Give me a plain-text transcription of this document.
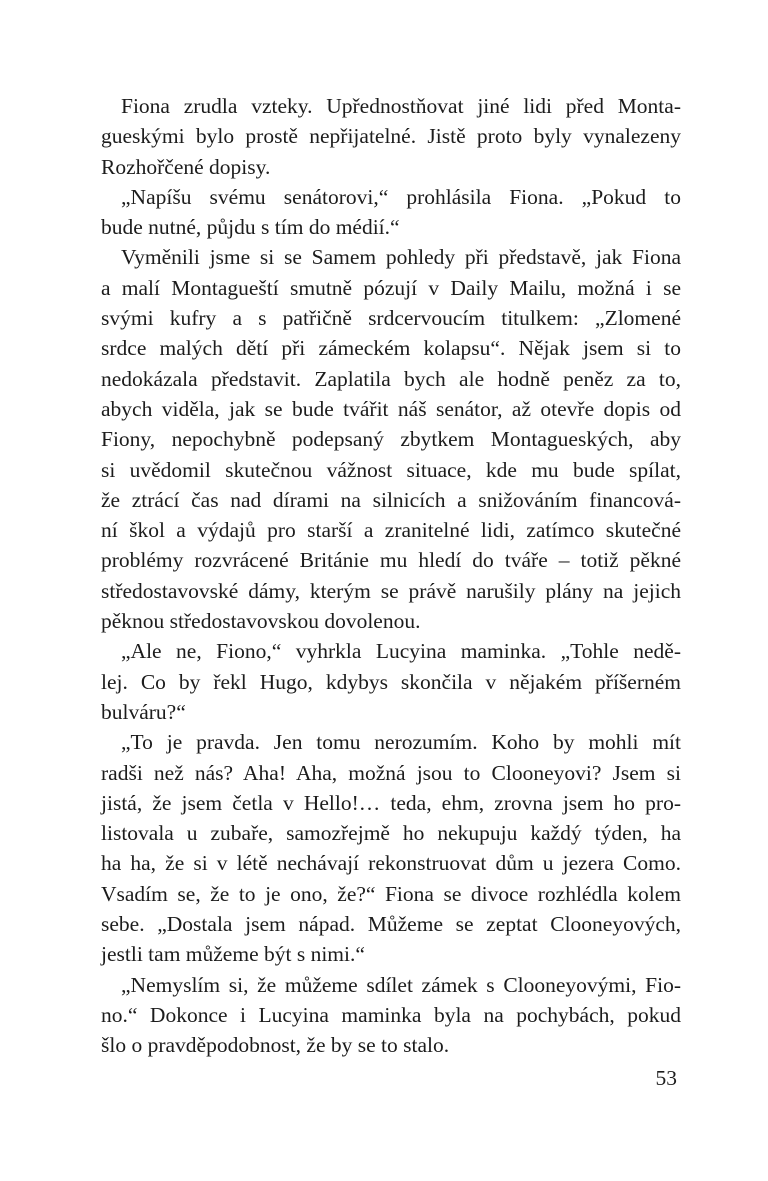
Fiona zrudla vzteky. Upřednostňovat jiné lidi před Monta-
gueskými bylo prostě nepřijatelné. Jistě proto byly vynalezeny
Rozhořčené dopisy.
„Napíšu svému senátorovi,“ prohlásila Fiona. „Pokud to
bude nutné, půjdu s tím do médií.“
Vyměnili jsme si se Samem pohledy při představě, jak Fiona
a malí Montagueští smutně pózují v Daily Mailu, možná i se
svými kufry a s patřičně srdcervoucím titulkem: „Zlomené
srdce malých dětí při zámeckém kolapsu“. Nějak jsem si to
nedokázala představit. Zaplatila bych ale hodně peněz za to,
abych viděla, jak se bude tvářit náš senátor, až otevře dopis od
Fiony, nepochybně podepsaný zbytkem Montagueských, aby
si uvědomil skutečnou vážnost situace, kde mu bude spílat,
že ztrácí čas nad dírami na silnicích a snižováním financová-
ní škol a výdajů pro starší a zranitelné lidi, zatímco skutečné
problémy rozvrácené Británie mu hledí do tváře – totiž pěkné
středostavovské dámy, kterým se právě narušily plány na jejich
pěknou středostavovskou dovolenou.
„Ale ne, Fiono,“ vyhrkla Lucyina maminka. „Tohle nedě-
lej. Co by řekl Hugo, kdybys skončila v nějakém příšerném
bulváru?“
„To je pravda. Jen tomu nerozumím. Koho by mohli mít
radši než nás? Aha! Aha, možná jsou to Clooneyovi? Jsem si
jistá, že jsem četla v Hello!… teda, ehm, zrovna jsem ho pro-
listovala u zubaře, samozřejmě ho nekupuju každý týden, ha
ha ha, že si v létě nechávají rekonstruovat dům u jezera Como.
Vsadím se, že to je ono, že?“ Fiona se divoce rozhlédla kolem
sebe. „Dostala jsem nápad. Můžeme se zeptat Clooneyových,
jestli tam můžeme být s nimi.“
„Nemyslím si, že můžeme sdílet zámek s Clooneyovými, Fio-
no.“ Dokonce i Lucyina maminka byla na pochybách, pokud
šlo o pravděpodobnost, že by se to stalo.
53
